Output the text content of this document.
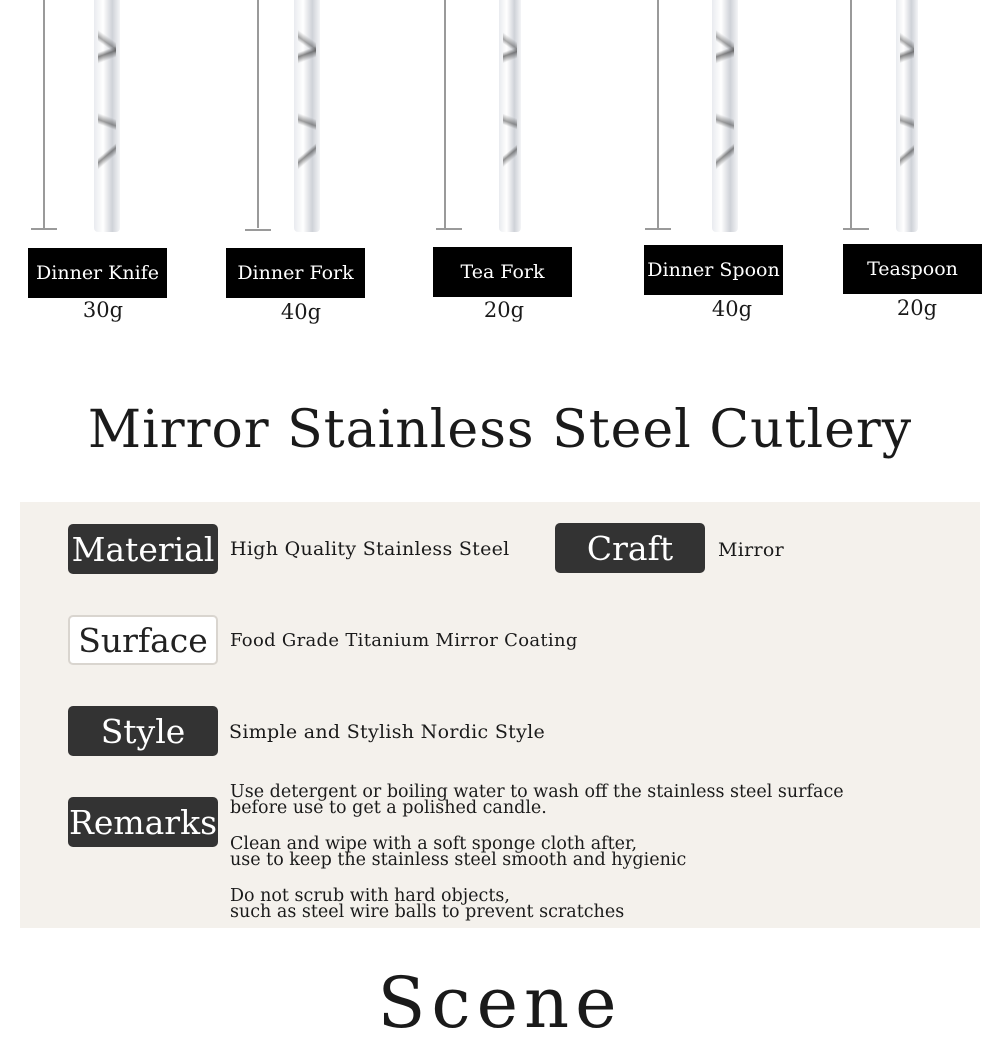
Dinner Knife
30g
Dinner Fork
40g
Tea Fork
20g
Dinner Spoon
40g
Teaspoon
20g
Mirror Stainless Steel Cutlery
Material High Quality Stainless Steel	Craft	Mirror
Surface	Food Grade Titanium Mirror Coating
Style	Simple and Stylish Nordic Style
Remarks

Use detergent or boiling water to wash off the stainless steel surface
before use to get a polished candle.

Clean and wipe with a soft sponge cloth after,
use to keep the stainless steel smooth and hygienic

Do not scrub with hard objects,
such as steel wire balls to prevent scratches

Scene
